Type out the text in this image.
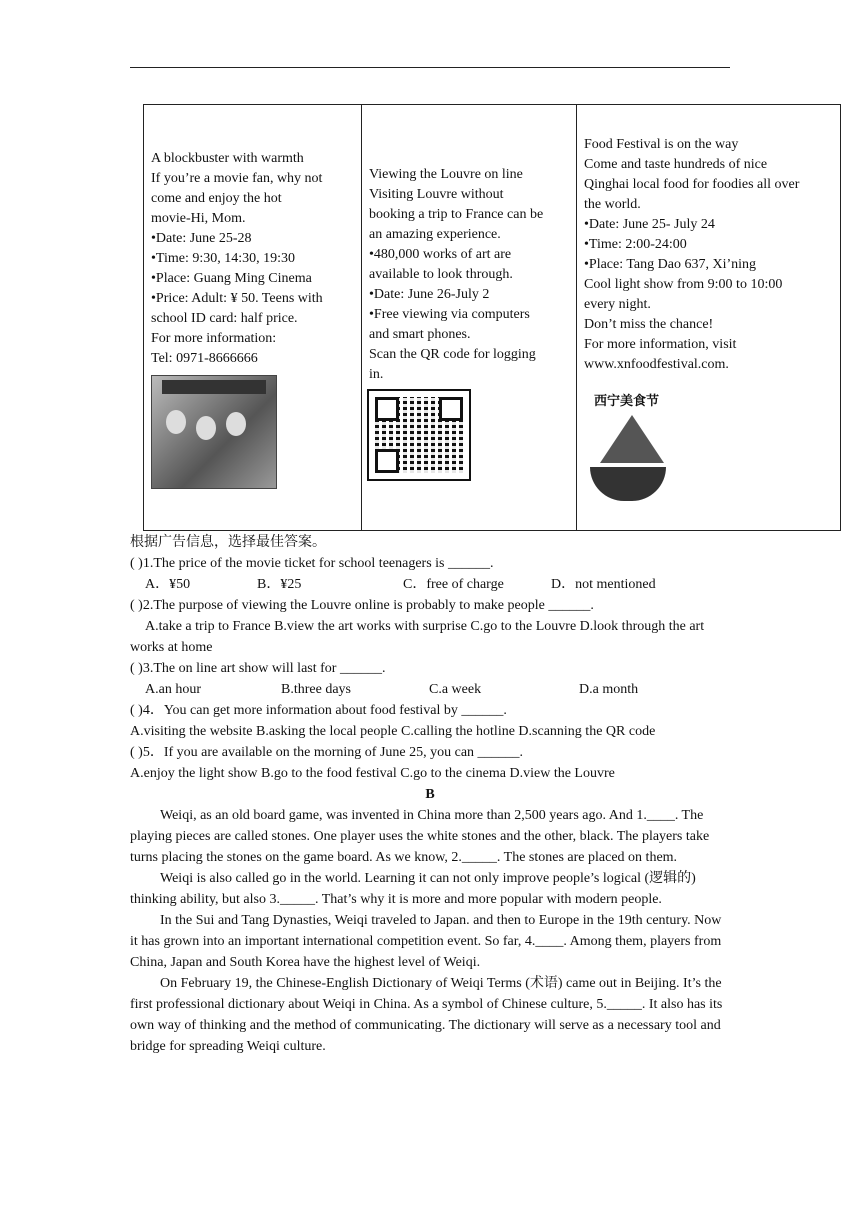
A blockbuster with warmth
If you’re a movie fan, why not
come and enjoy the hot
movie-Hi, Mom.
•Date: June 25-28
•Time: 9:30, 14:30, 19:30
•Place: Guang Ming Cinema
•Price: Adult: ¥ 50. Teens with
school ID card: half price.
For more information:
Tel: 0971-8666666

Viewing the Louvre on line
Visiting Louvre without
booking a trip to France can be
an amazing experience.
•480,000 works of art are
available to look through.
•Date: June 26-July 2
•Free viewing via computers
and smart phones.
Scan the QR code for logging
in.

Food Festival is on the way
Come and taste hundreds of nice
Qinghai local food for foodies all over
the world.
•Date: June 25- July 24
•Time: 2:00-24:00
•Place: Tang Dao 637, Xi’ning
Cool light show from 9:00 to 10:00
every night.
Don’t miss the chance!
For more information, visit
www.xnfoodfestival.com.
西宁美食节

根据广告信息，选择最佳答案。

( )1.The price of the movie ticket for school teenagers is ______.

A．¥50	B．¥25	C．free of charge	D．not mentioned

( )2.The purpose of viewing the Louvre online is probably to make people ______.

A.take a trip to France B.view the art works with surprise C.go to the Louvre D.look through the art works at home

( )3.The on line art show will last for ______.

A.an hour	B.three days	C.a week	D.a month

( )4．You can get more information about food festival by ______.

A.visiting the website B.asking the local people C.calling the hotline D.scanning the QR code

( )5．If you are available on the morning of June 25, you can ______.

A.enjoy the light show B.go to the food festival C.go to the cinema D.view the Louvre

B

Weiqi, as an old board game, was invented in China more than 2,500 years ago. And 1.____. The playing pieces are called stones. One player uses the white stones and the other, black. The players take turns placing the stones on the game board. As we know, 2._____. The stones are placed on them.

Weiqi is also called go in the world. Learning it can not only improve people’s logical (逻辑的) thinking ability, but also 3._____. That’s why it is more and more popular with modern people.

In the Sui and Tang Dynasties, Weiqi traveled to Japan. and then to Europe in the 19th century. Now it has grown into an important international competition event. So far, 4.____. Among them, players from China, Japan and South Korea have the highest level of Weiqi.

On February 19, the Chinese-English Dictionary of Weiqi Terms (术语) came out in Beijing. It’s the first professional dictionary about Weiqi in China. As a symbol of Chinese culture, 5._____. It also has its own way of thinking and the method of communicating. The dictionary will serve as a necessary tool and bridge for spreading Weiqi culture.
